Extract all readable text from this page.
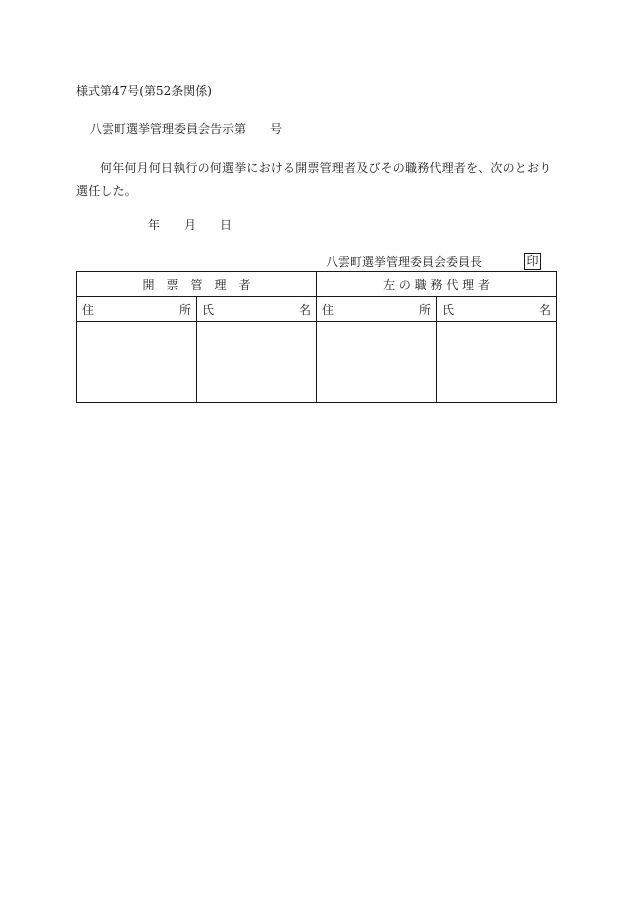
様式第47号(第52条関係)
八雲町選挙管理委員会告示第　　号
何年何月何日執行の何選挙における開票管理者及びその職務代理者を、次のとおり選任した。
年 月 日
八雲町選挙管理委員会委員長	印
開　票　管　理　者		左 の 職 務 代 理 者	

住 所	氏 名	住 所	氏 名
